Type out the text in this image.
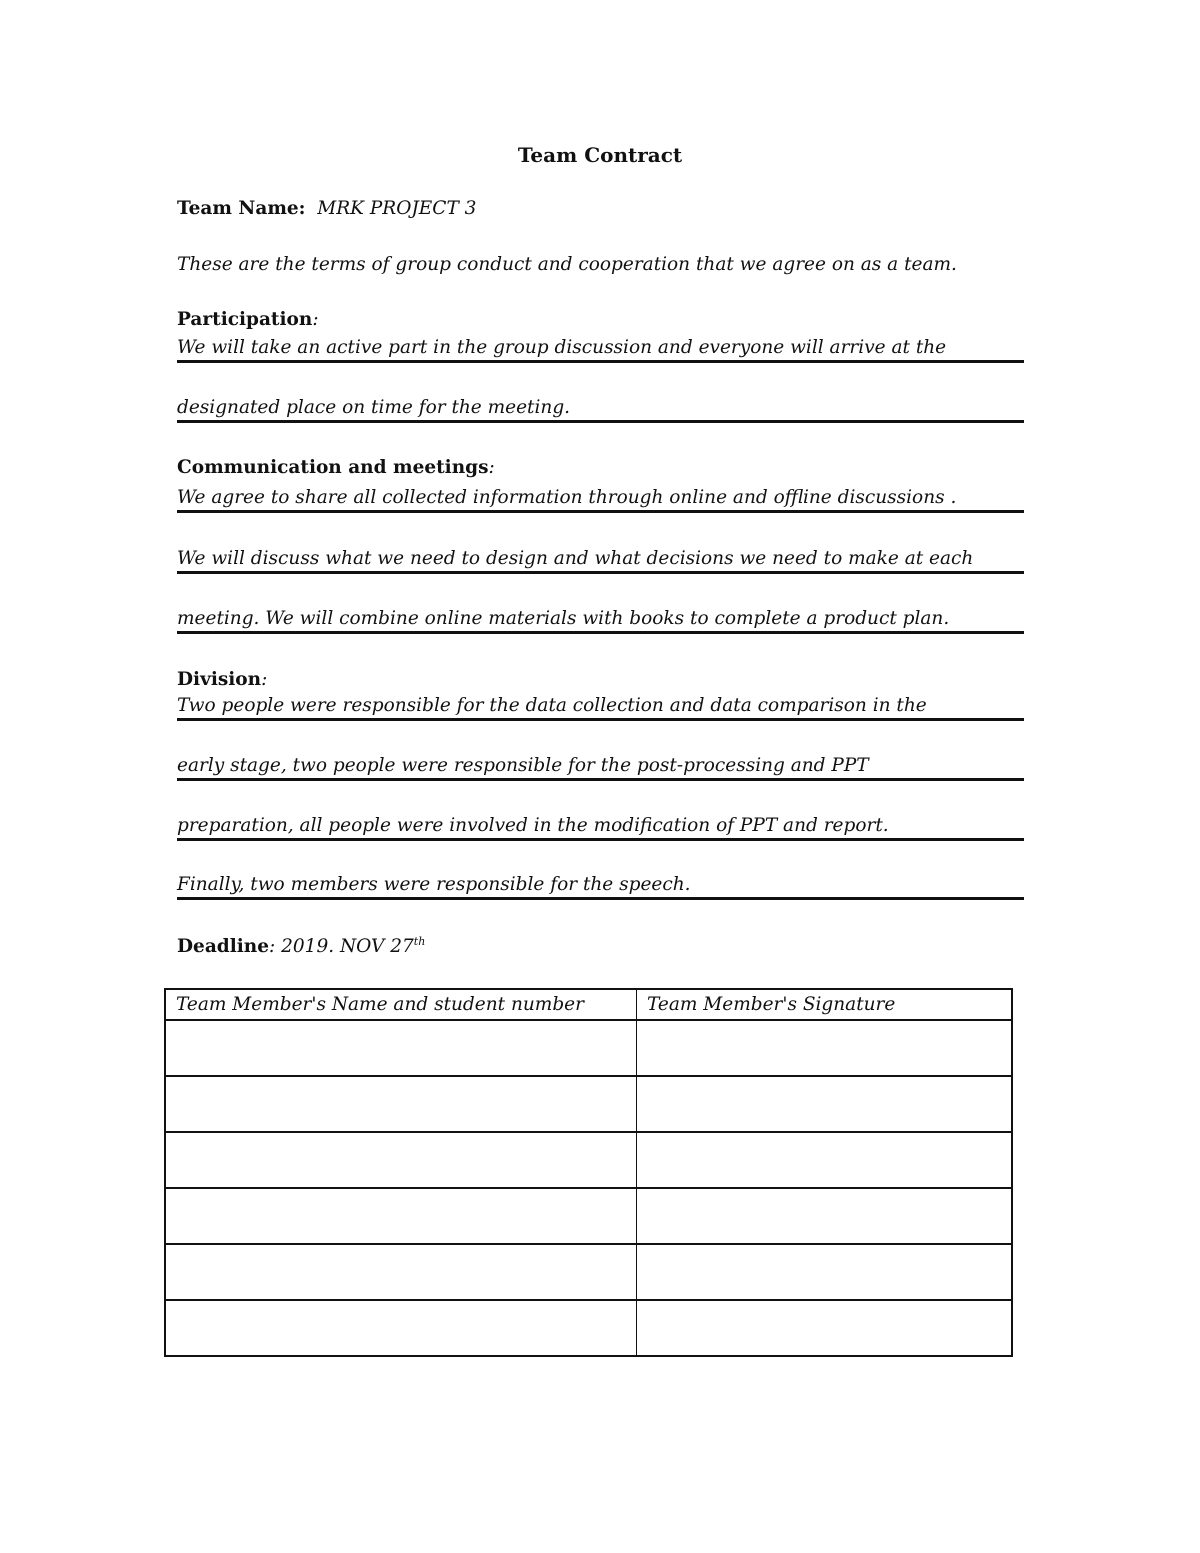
Team Contract
Team Name: MRK PROJECT 3
These are the terms of group conduct and cooperation that we agree on as a team.
Participation:
We will take an active part in the group discussion and everyone will arrive at the
designated place on time for the meeting.
Communication and meetings:
We agree to share all collected information through online and offline discussions .
We will discuss what we need to design and what decisions we need to make at each
meeting. We will combine online materials with books to complete a product plan.
Division:
Two people were responsible for the data collection and data comparison in the
early stage, two people were responsible for the post-processing and PPT
preparation, all people were involved in the modification of PPT and report.
Finally, two members were responsible for the speech.
Deadline: 2019. NOV 27th
Team Member's Name and student number	Team Member's Signature
